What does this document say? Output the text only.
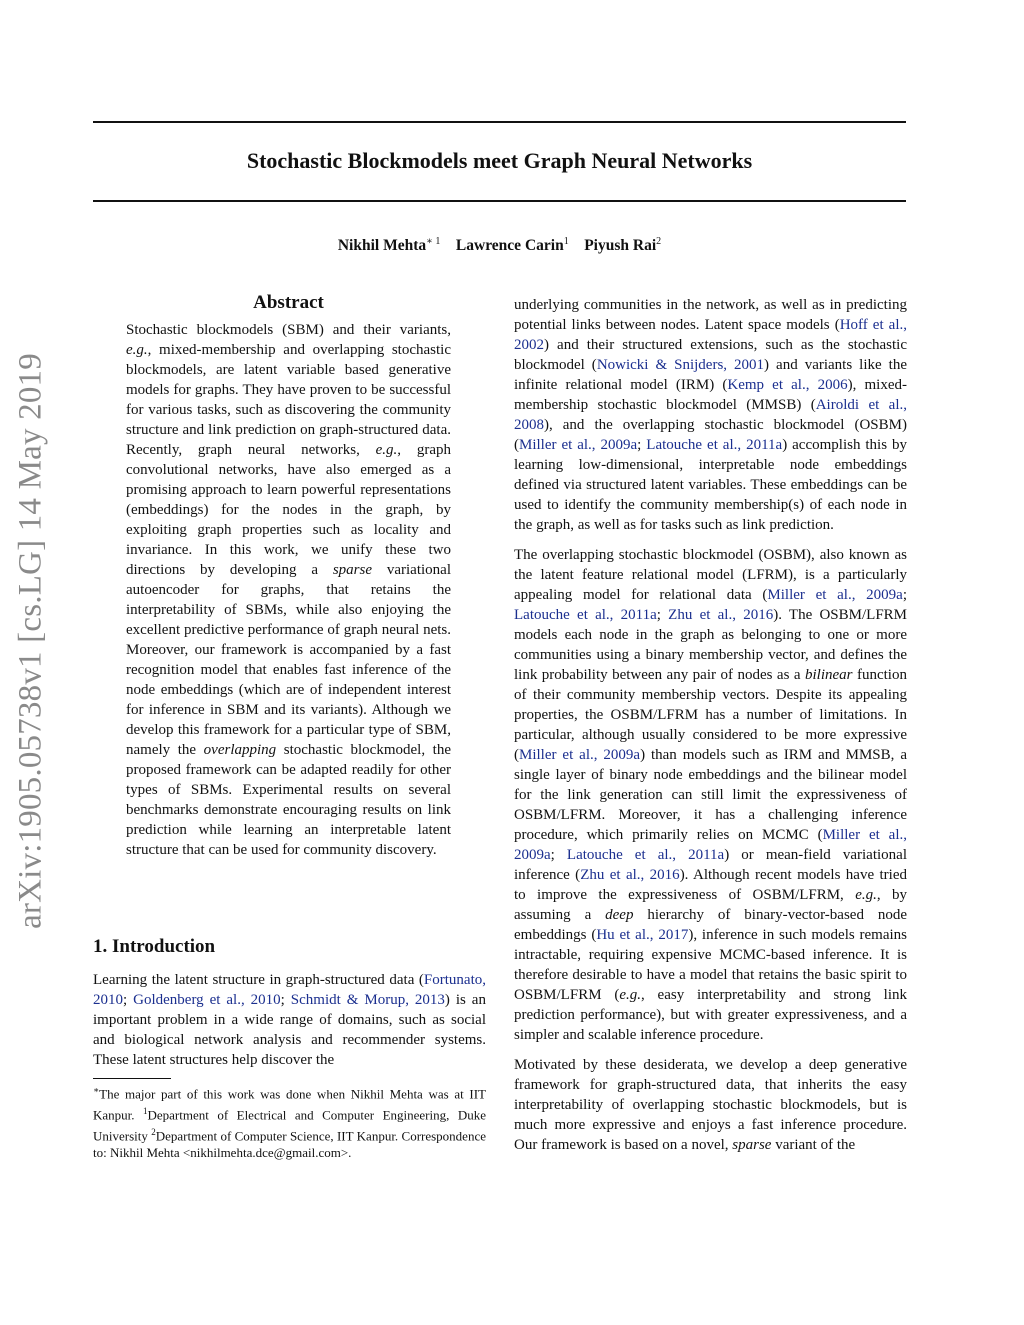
Stochastic Blockmodels meet Graph Neural Networks
Nikhil Mehta$^{∗ 1}$ Lawrence Carin$^1$ Piyush Rai$^2$
arXiv:1905.05738v1 [cs.LG] 14 May 2019
Abstract
Stochastic blockmodels (SBM) and their variants, e.g., mixed-membership and overlapping stochastic blockmodels, are latent variable based generative models for graphs. They have proven to be successful for various tasks, such as discovering the community structure and link prediction on graph-structured data. Recently, graph neural networks, e.g., graph convolutional networks, have also emerged as a promising approach to learn powerful representations (embeddings) for the nodes in the graph, by exploiting graph properties such as locality and invariance. In this work, we unify these two directions by developing a sparse variational autoencoder for graphs, that retains the interpretability of SBMs, while also enjoying the excellent predictive performance of graph neural nets. Moreover, our framework is accompanied by a fast recognition model that enables fast inference of the node embeddings (which are of independent interest for inference in SBM and its variants). Although we develop this framework for a particular type of SBM, namely the overlapping stochastic blockmodel, the proposed framework can be adapted readily for other types of SBMs. Experimental results on several benchmarks demonstrate encouraging results on link prediction while learning an interpretable latent structure that can be used for community discovery.
1. Introduction
Learning the latent structure in graph-structured data (Fortunato, 2010; Goldenberg et al., 2010; Schmidt & Morup, 2013) is an important problem in a wide range of domains, such as social and biological network analysis and recommender systems. These latent structures help discover the
∗The major part of this work was done when Nikhil Mehta was at IIT Kanpur. $^1$Department of Electrical and Computer Engineering, Duke University $^2$Department of Computer Science, IIT Kanpur. Correspondence to: Nikhil Mehta <nikhilmehta.dce@gmail.com>.

underlying communities in the network, as well as in predicting potential links between nodes. Latent space models (Hoff et al., 2002) and their structured extensions, such as the stochastic blockmodel (Nowicki & Snijders, 2001) and variants like the infinite relational model (IRM) (Kemp et al., 2006), mixed-membership stochastic blockmodel (MMSB) (Airoldi et al., 2008), and the overlapping stochastic blockmodel (OSBM) (Miller et al., 2009a; Latouche et al., 2011a) accomplish this by learning low-dimensional, interpretable node embeddings defined via structured latent variables. These embeddings can be used to identify the community membership(s) of each node in the graph, as well as for tasks such as link prediction.

The overlapping stochastic blockmodel (OSBM), also known as the latent feature relational model (LFRM), is a particularly appealing model for relational data (Miller et al., 2009a; Latouche et al., 2011a; Zhu et al., 2016). The OSBM/LFRM models each node in the graph as belonging to one or more communities using a binary membership vector, and defines the link probability between any pair of nodes as a bilinear function of their community membership vectors. Despite its appealing properties, the OSBM/LFRM has a number of limitations. In particular, although usually considered to be more expressive (Miller et al., 2009a) than models such as IRM and MMSB, a single layer of binary node embeddings and the bilinear model for the link generation can still limit the expressiveness of OSBM/LFRM. Moreover, it has a challenging inference procedure, which primarily relies on MCMC (Miller et al., 2009a; Latouche et al., 2011a) or mean-field variational inference (Zhu et al., 2016). Although recent models have tried to improve the expressiveness of OSBM/LFRM, e.g., by assuming a deep hierarchy of binary-vector-based node embeddings (Hu et al., 2017), inference in such models remains intractable, requiring expensive MCMC-based inference. It is therefore desirable to have a model that retains the basic spirit to OSBM/LFRM (e.g., easy interpretability and strong link prediction performance), but with greater expressiveness, and a simpler and scalable inference procedure.

Motivated by these desiderata, we develop a deep generative framework for graph-structured data, that inherits the easy interpretability of overlapping stochastic blockmodels, but is much more expressive and enjoys a fast inference procedure. Our framework is based on a novel, sparse variant of the
